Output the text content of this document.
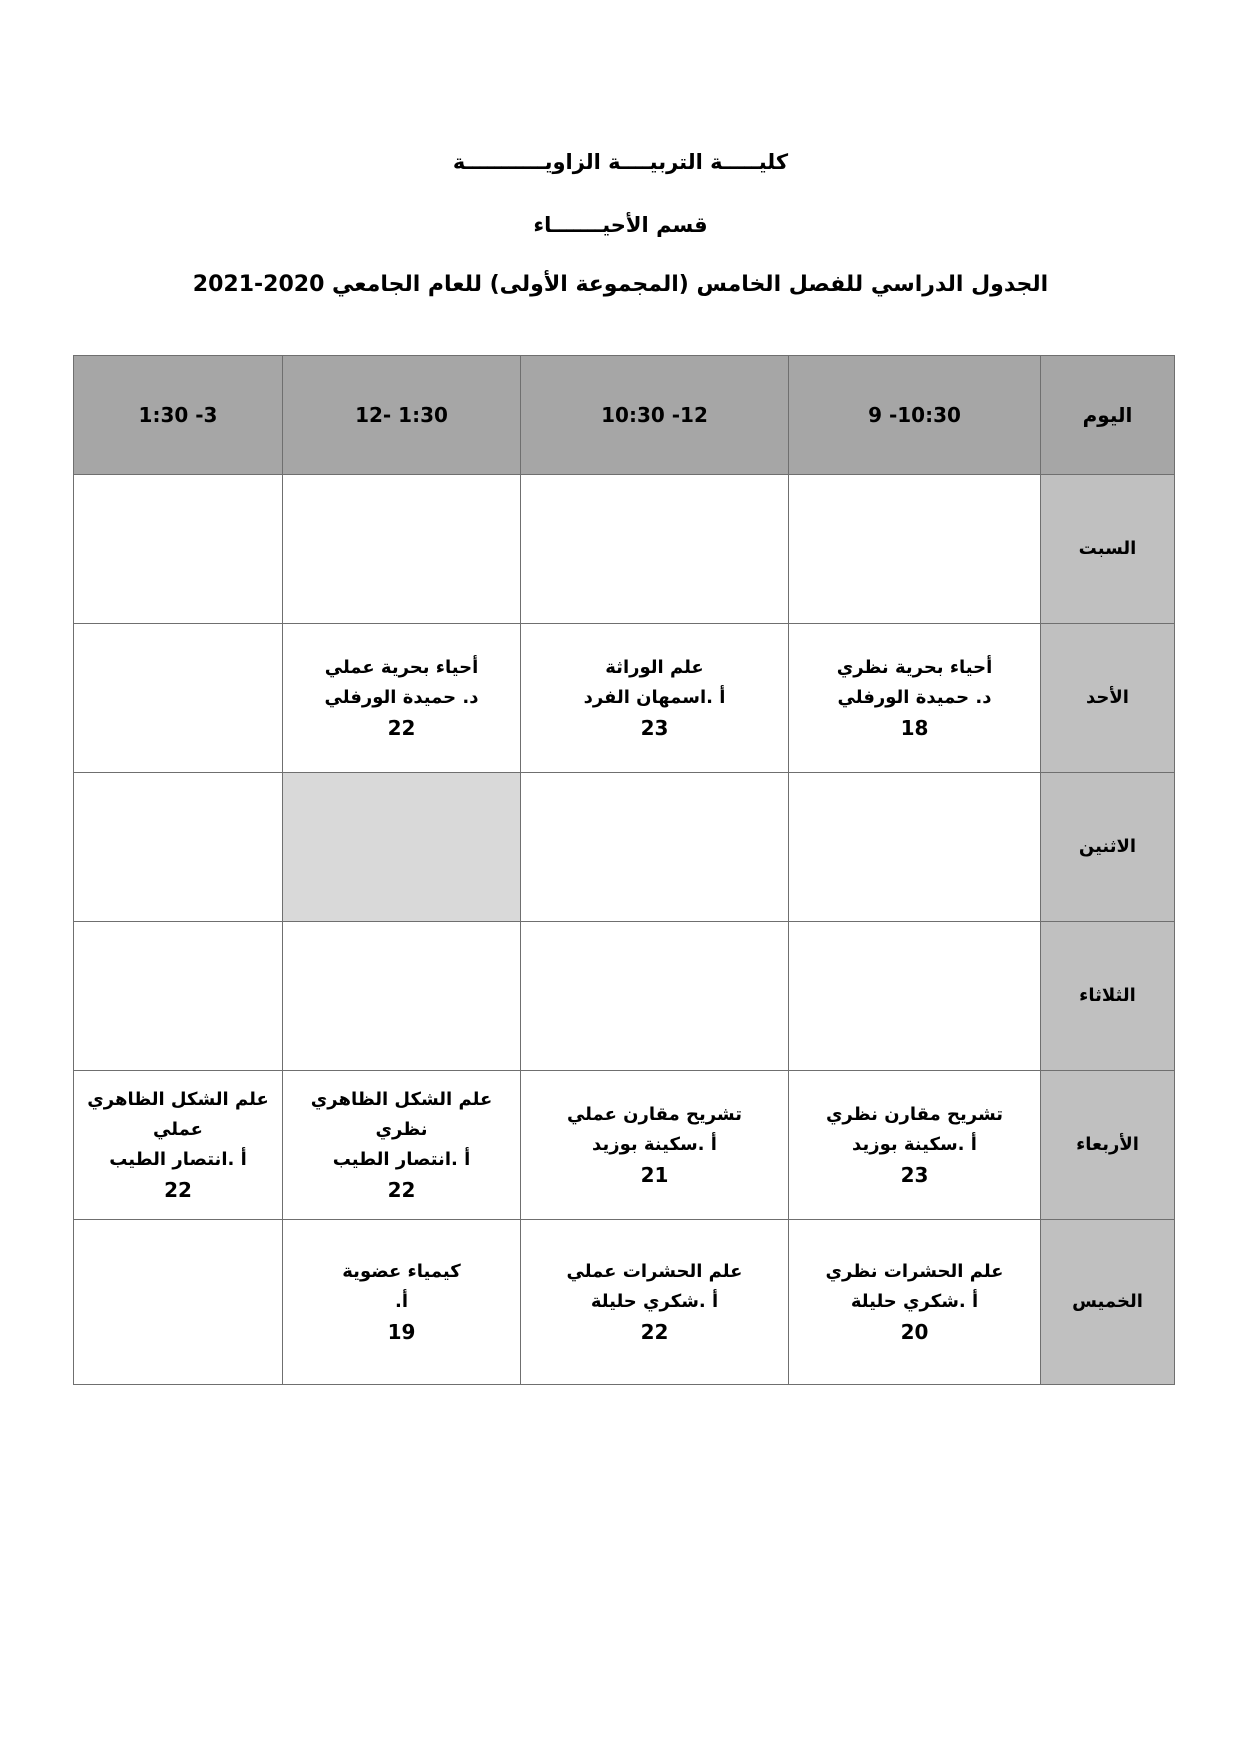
كليـــــة التربيــــة الزاويـــــــــــة
قسم الأحيـــــــاء
الجدول الدراسي للفصل الخامس (المجموعة الأولى) للعام الجامعي 2020-2021
اليوم	9 -10:30	10:30 -12	12- 1:30	1:30 -3
السبت				
الأحد	أحياء بحرية نظري
د. حميدة الورفلي
18	علم الوراثة
أ .اسمهان الفرد
23	أحياء بحرية عملي
د. حميدة الورفلي
22	

الاثنين				
الثلاثاء				
الأربعاء	تشريح مقارن نظري
أ .سكينة بوزيد
23	تشريح مقارن عملي
أ .سكينة بوزيد
21	علم الشكل الظاهري نظري
أ .انتصار الطيب
22	علم الشكل الظاهري
عملي
أ .انتصار الطيب
22

الخميس	علم الحشرات نظري
أ .شكري حليلة
20	علم الحشرات عملي
أ .شكري حليلة
22	كيمياء عضوية
أ.
19	
